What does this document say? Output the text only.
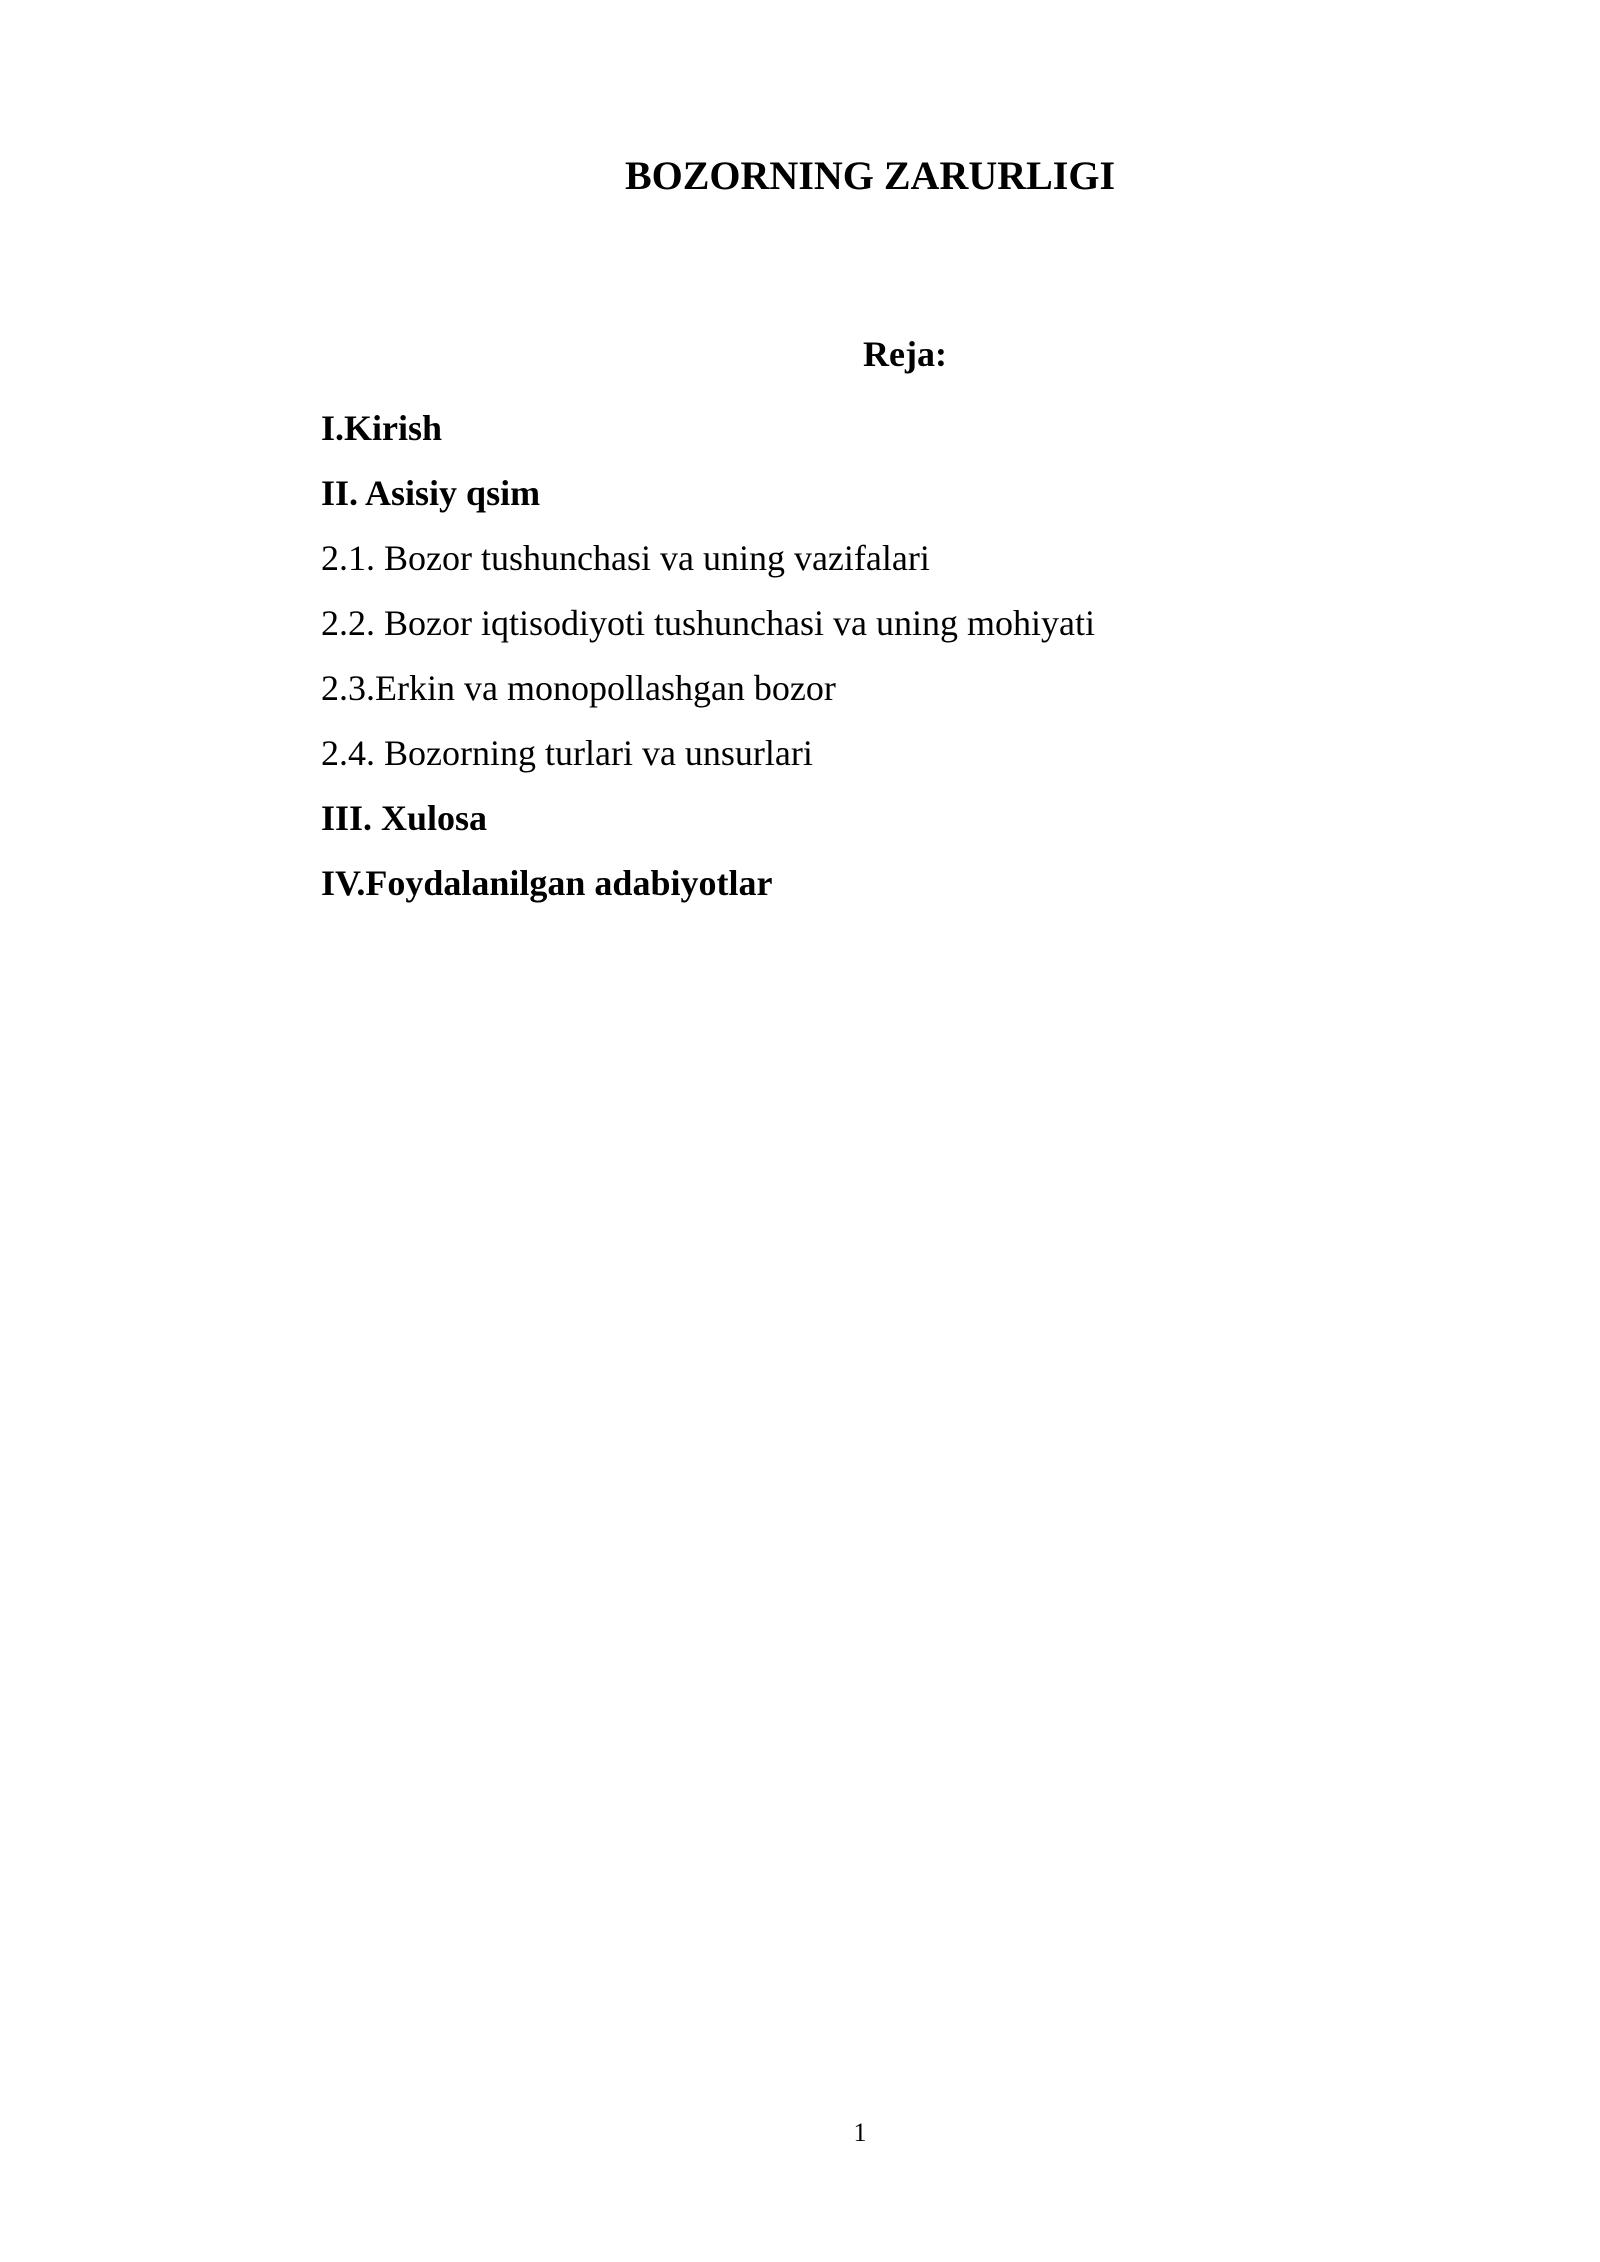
BOZORNING ZARURLIGI
Reja:
I.Kirish
II. Asisiy qsim
2.1. Bozor tushunchasi va uning vazifalari
2.2. Bozor iqtisodiyoti tushunchasi va uning mohiyati
2.3.Erkin va monopollashgan bozor
2.4. Bozorning turlari va unsurlari
III. Xulosa
IV.Foydalanilgan adabiyotlar
1
